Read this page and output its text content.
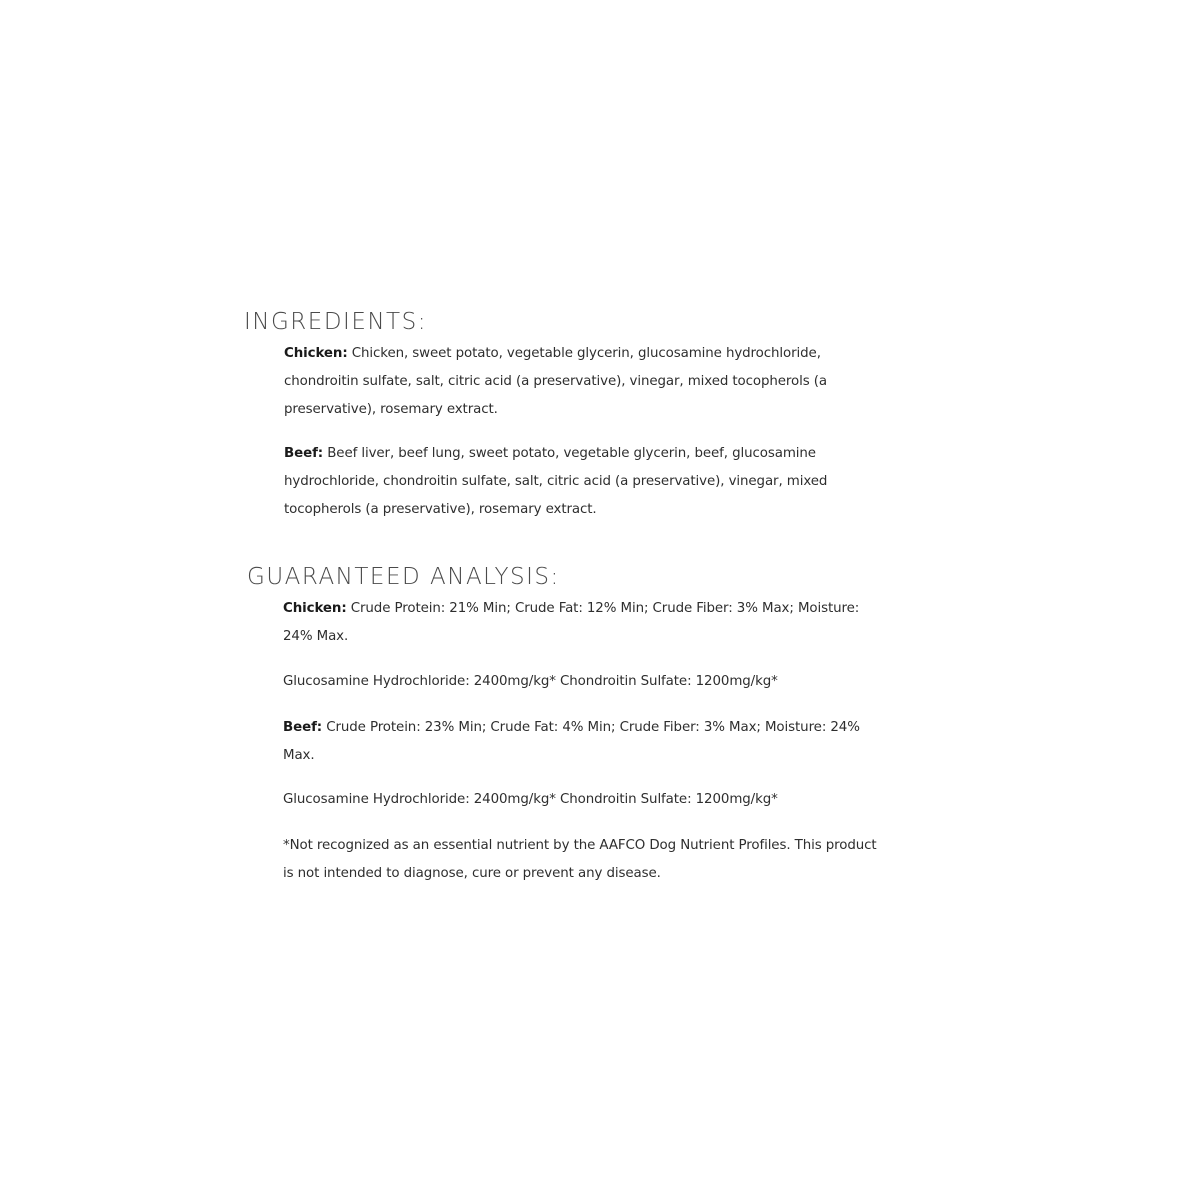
INGREDIENTS:

Chicken: Chicken, sweet potato, vegetable glycerin, glucosamine hydrochloride, chondroitin sulfate, salt, citric acid (a preservative), vinegar, mixed tocopherols (a preservative), rosemary extract.

Beef: Beef liver, beef lung, sweet potato, vegetable glycerin, beef, glucosamine hydrochloride, chondroitin sulfate, salt, citric acid (a preservative), vinegar, mixed tocopherols (a preservative), rosemary extract.

GUARANTEED ANALYSIS:

Chicken: Crude Protein: 21% Min; Crude Fat: 12% Min; Crude Fiber: 3% Max; Moisture: 24% Max.

Glucosamine Hydrochloride: 2400mg/kg* Chondroitin Sulfate: 1200mg/kg*

Beef: Crude Protein: 23% Min; Crude Fat: 4% Min; Crude Fiber: 3% Max; Moisture: 24% Max.

Glucosamine Hydrochloride: 2400mg/kg* Chondroitin Sulfate: 1200mg/kg*

*Not recognized as an essential nutrient by the AAFCO Dog Nutrient Profiles. This product is not intended to diagnose, cure or prevent any disease.
